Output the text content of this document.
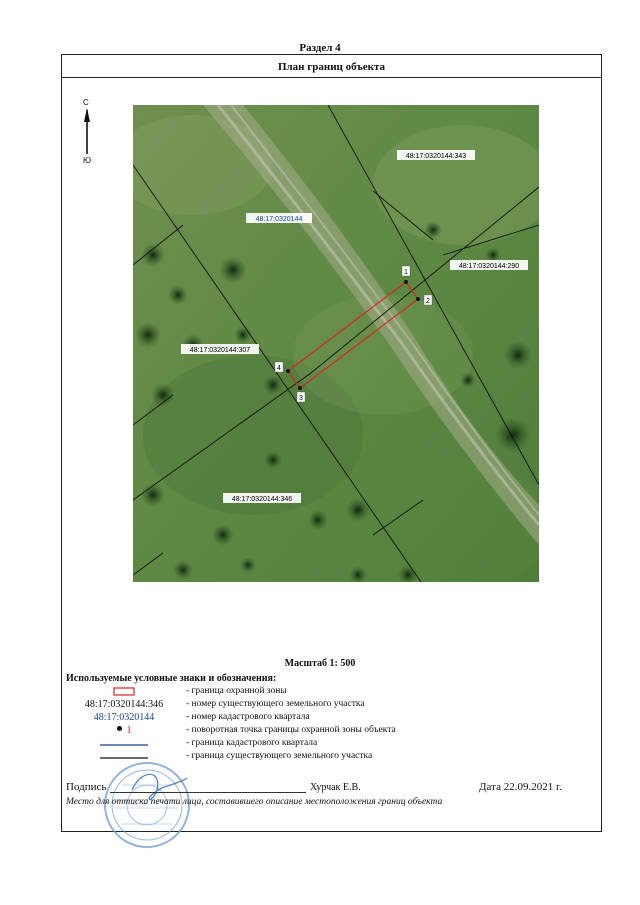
Раздел 4
План границ объекта
С
Ю
1
2
3
4
48:17:0320144
48:17:0320144:343
48:17:0320144:290
48:17:0320144:307
48:17:0320144:346
Масштаб 1: 500
Используемые условные знаки и обозначения:
- граница охранной зоны
48:17:0320144:346	- номер существующего земельного участка
48:17:0320144	- номер кадастрового квартала
1	- поворотная точка границы охранной зоны объекта
- граница кадастрового квартала
- граница существующего земельного участка
Подпись	Хурчак Е.В.	Дата 22.09.2021 г.
Место для оттиска печати лица, составившего описание местоположения границ объекта
